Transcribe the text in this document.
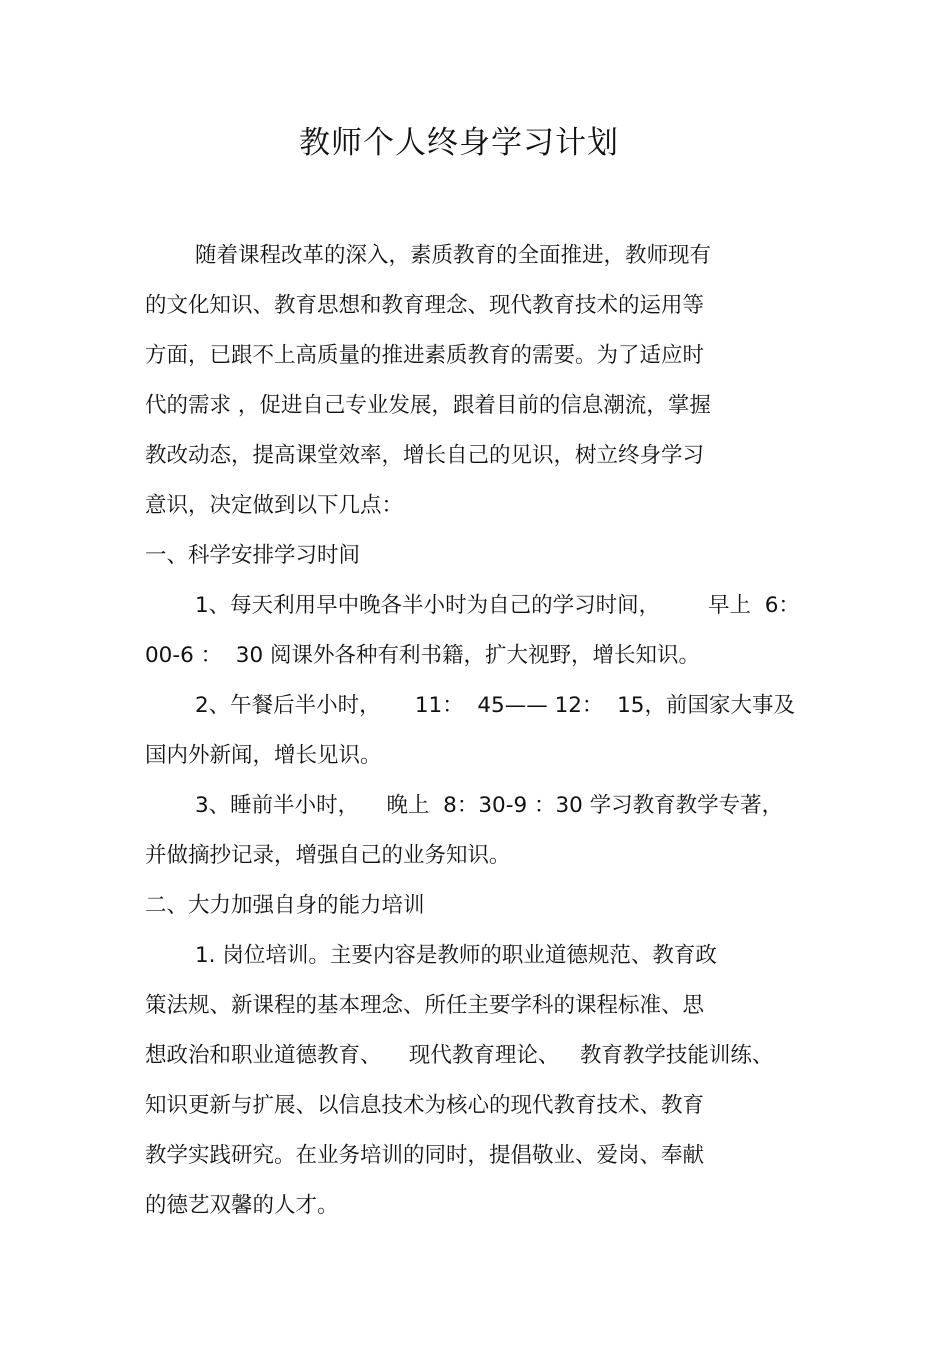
教师个人终身学习计划
随着课程改革的深入，素质教育的全面推进，教师现有
的文化知识、教育思想和教育理念、现代教育技术的运用等
方面，已跟不上高质量的推进素质教育的需要。为了适应时
代的需求 ，促进自己专业发展，跟着目前的信息潮流，掌握
教改动态，提高课堂效率，增长自己的见识，树立终身学习
意识，决定做到以下几点：
一、科学安排学习时间
1、每天利用早中晚各半小时为自己的学习时间，       早上  6：
00-6 ：  30 阅课外各种有利书籍，扩大视野，增长知识。
2、午餐后半小时，     11：  45—— 12：  15，前国家大事及
国内外新闻，增长见识。
3、睡前半小时，    晚上  8：30-9 ：30 学习教育教学专著，
并做摘抄记录，增强自己的业务知识。
二、大力加强自身的能力培训
1. 岗位培训。主要内容是教师的职业道德规范、教育政
策法规、新课程的基本理念、所任主要学科的课程标准、思
想政治和职业道德教育、    现代教育理论、   教育教学技能训练、
知识更新与扩展、以信息技术为核心的现代教育技术、教育
教学实践研究。在业务培训的同时，提倡敬业、爱岗、奉献
的德艺双馨的人才。
